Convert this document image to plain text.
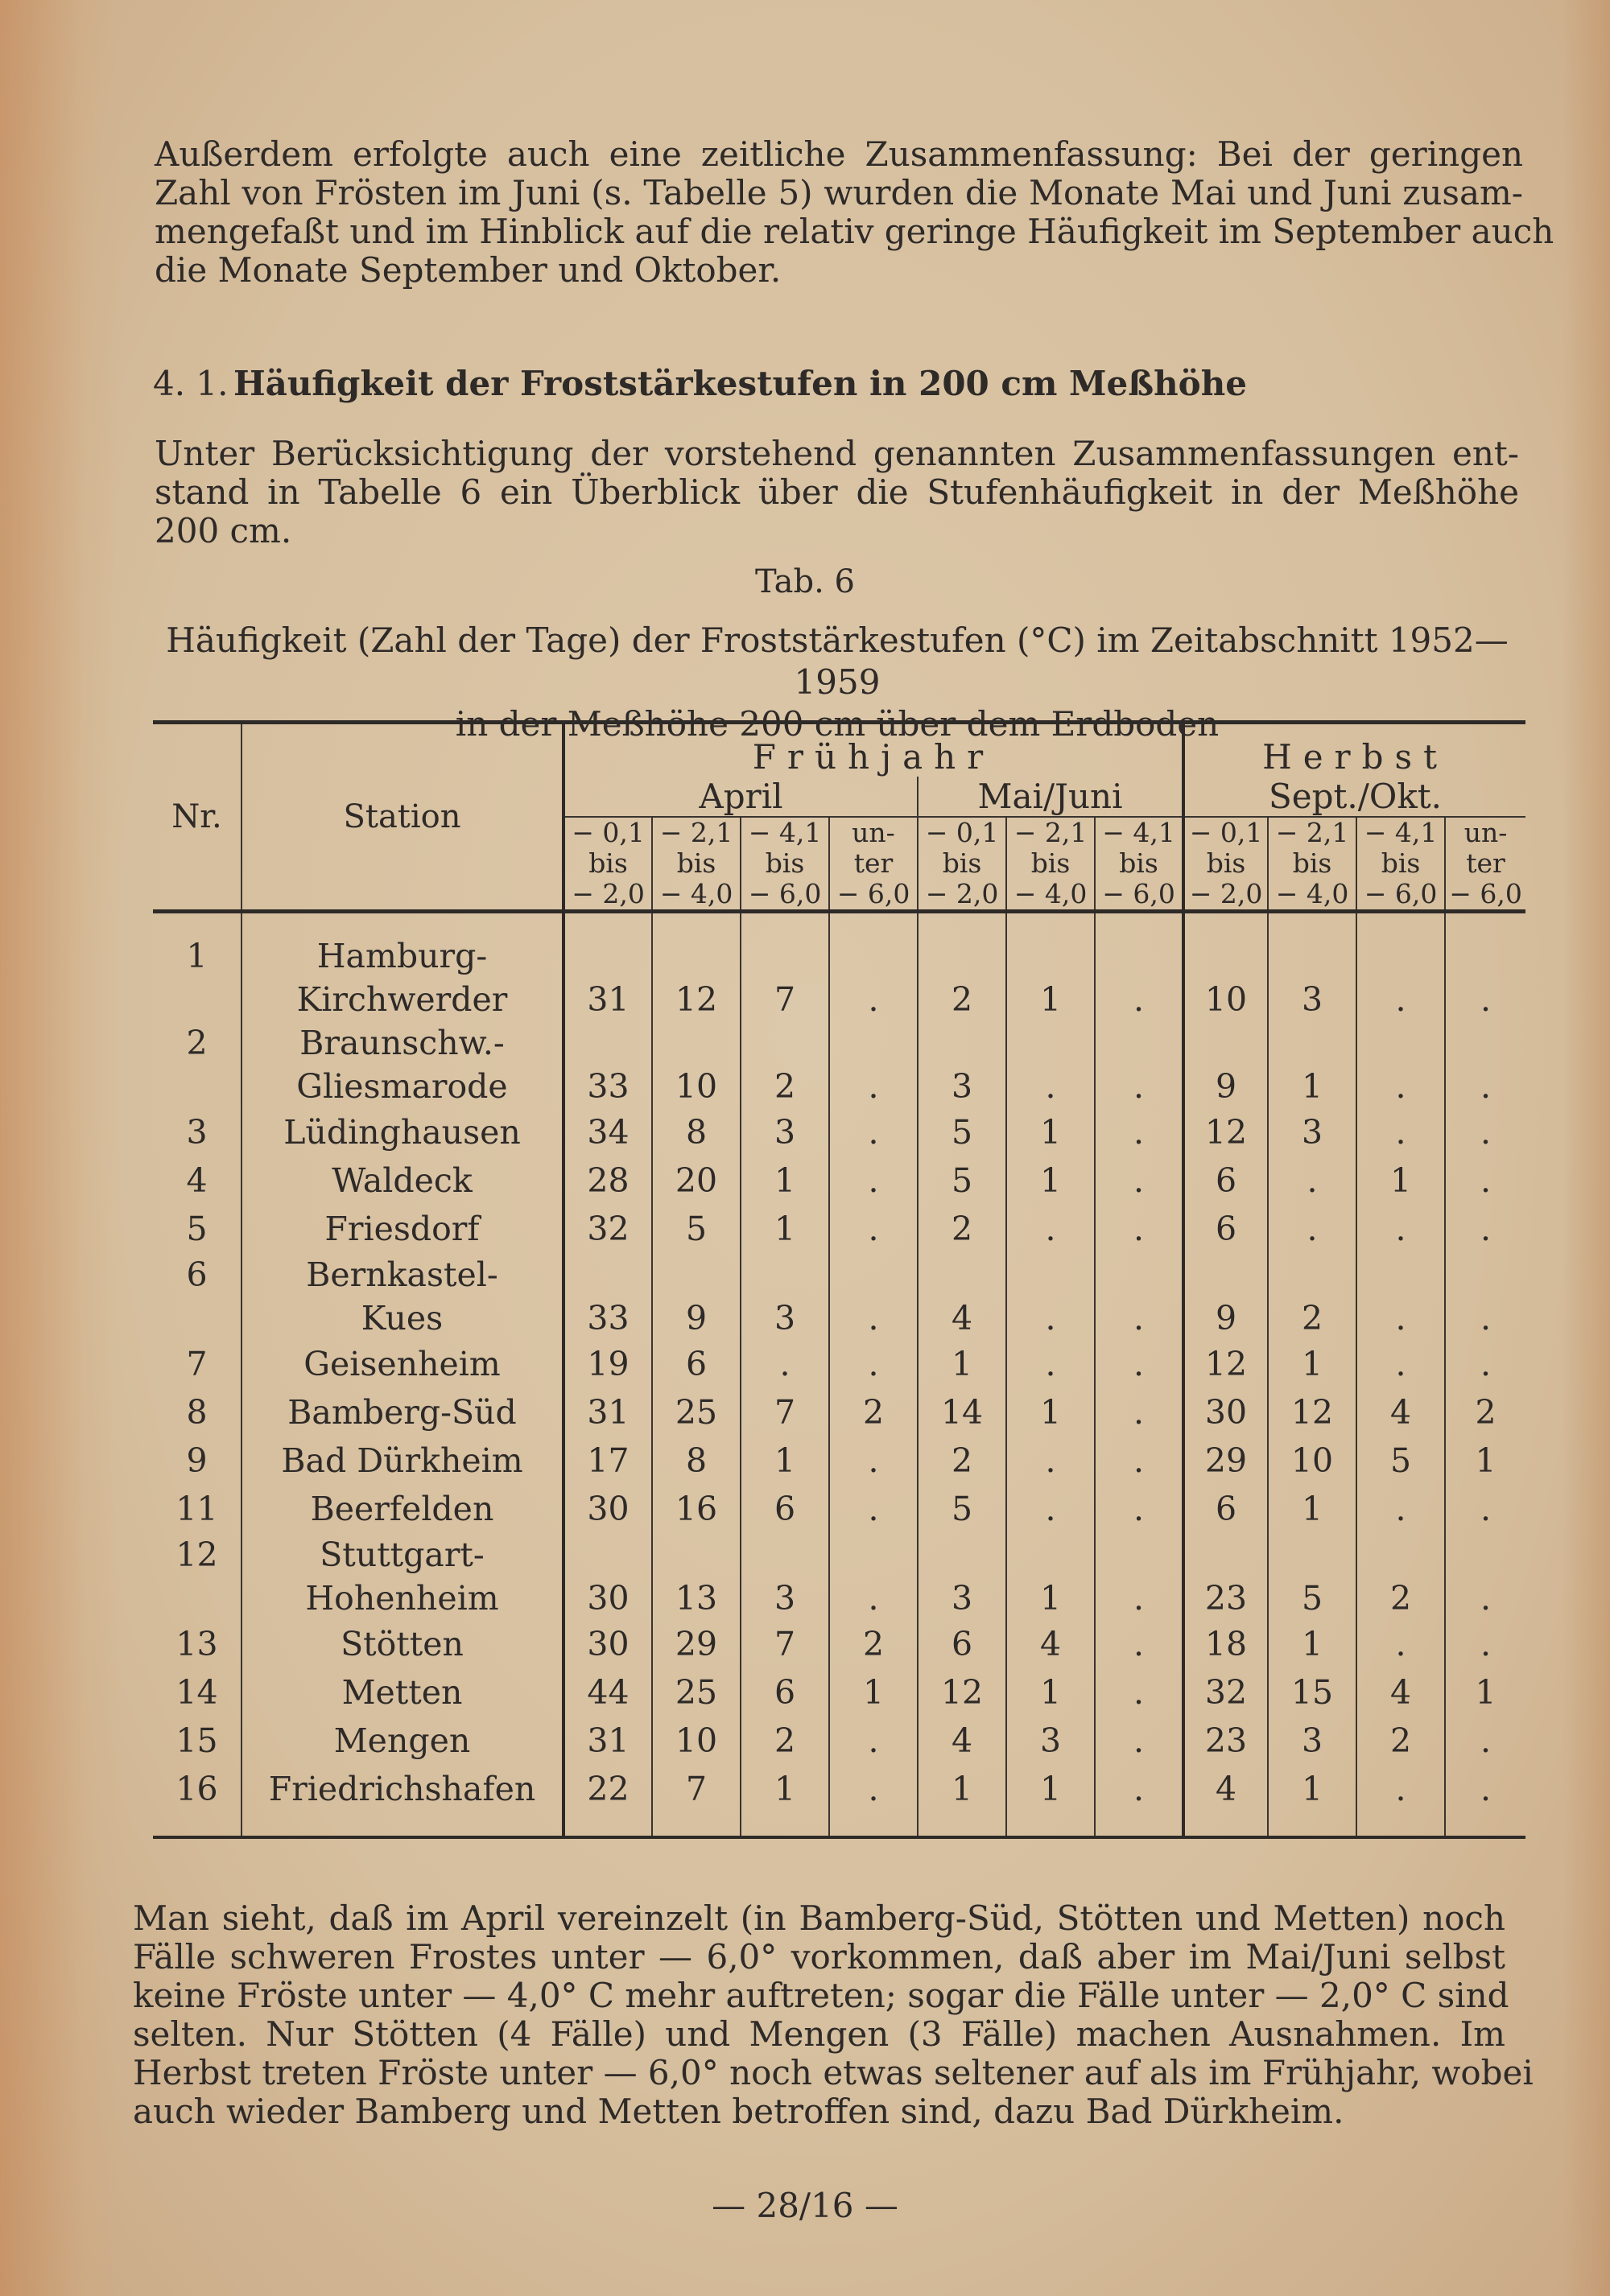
Außerdem erfolgte auch eine zeitliche Zusammenfassung: Bei der geringen
Zahl von Frösten im Juni (s. Tabelle 5) wurden die Monate Mai und Juni zusam-
mengefaßt und im Hinblick auf die relativ geringe Häufigkeit im September auch
die Monate September und Oktober.
4. 1. Häufigkeit der Froststärkestufen in 200 cm Meßhöhe
Unter Berücksichtigung der vorstehend genannten Zusammenfassungen ent-
stand in Tabelle 6 ein Überblick über die Stufenhäufigkeit in der Meßhöhe
200 cm.
Tab. 6
Häufigkeit (Zahl der Tage) der Froststärkestufen (°C) im Zeitabschnitt 1952—1959
in der Meßhöhe 200 cm über dem Erdboden
Nr.	Station	Frühjahr							Herbst			
		April				Mai/Juni			Sept./Okt.			

		− 0,1
bis
− 2,0	− 2,1
bis
− 4,0	− 4,1
bis
− 6,0	un-
ter
− 6,0	− 0,1
bis
− 2,0	− 2,1
bis
− 4,0	− 4,1
bis
− 6,0	− 0,1
bis
− 2,0	− 2,1
bis
− 4,0	− 4,1
bis
− 6,0	un-
ter
− 6,0

1	Hamburg-
Kirchwerder	31	12	7	.	2	1	.	10	3	.	.
2	Braunschw.-
Gliesmarode	33	10	2	.	3	.	.	9	1	.	.
3	Lüdinghausen	34	8	3	.	5	1	.	12	3	.	.
4	Waldeck	28	20	1	.	5	1	.	6	.	1	.
5	Friesdorf	32	5	1	.	2	.	.	6	.	.	.
6	Bernkastel-
Kues	33	9	3	.	4	.	.	9	2	.	.
7	Geisenheim	19	6	.	.	1	.	.	12	1	.	.
8	Bamberg-Süd	31	25	7	2	14	1	.	30	12	4	2
9	Bad Dürkheim	17	8	1	.	2	.	.	29	10	5	1
11	Beerfelden	30	16	6	.	5	.	.	6	1	.	.
12	Stuttgart-
Hohenheim	30	13	3	.	3	1	.	23	5	2	.
13	Stötten	30	29	7	2	6	4	.	18	1	.	.
14	Metten	44	25	6	1	12	1	.	32	15	4	1
15	Mengen	31	10	2	.	4	3	.	23	3	2	.
16	Friedrichshafen	22	7	1	.	1	1	.	4	1	.	.

Man sieht, daß im April vereinzelt (in Bamberg-Süd, Stötten und Metten) noch
Fälle schweren Frostes unter — 6,0° vorkommen, daß aber im Mai/Juni selbst
keine Fröste unter — 4,0° C mehr auftreten; sogar die Fälle unter — 2,0° C sind
selten. Nur Stötten (4 Fälle) und Mengen (3 Fälle) machen Ausnahmen. Im
Herbst treten Fröste unter — 6,0° noch etwas seltener auf als im Frühjahr, wobei
auch wieder Bamberg und Metten betroffen sind, dazu Bad Dürkheim.
— 28/16 —
